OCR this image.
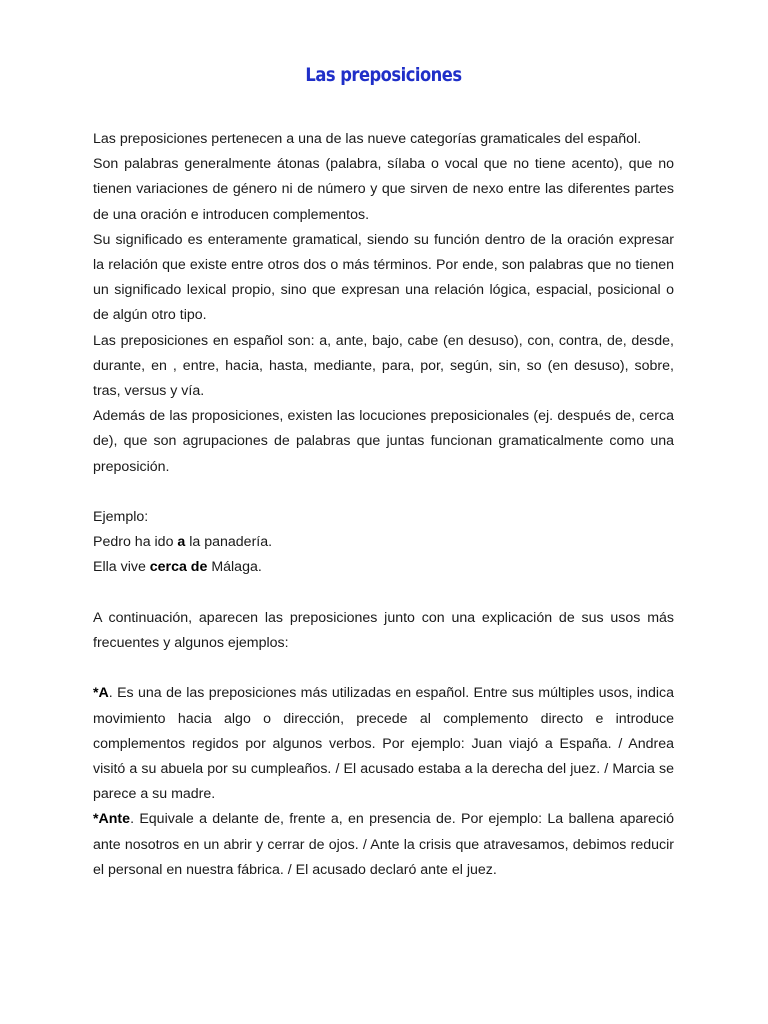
Las preposiciones

Las preposiciones pertenecen a una de las nueve categorías gramaticales del español.

Son palabras generalmente átonas (palabra, sílaba o vocal que no tiene acento), que no tienen variaciones de género ni de número y que sirven de nexo entre las diferentes partes de una oración e introducen complementos.

Su significado es enteramente gramatical, siendo su función dentro de la oración expresar la relación que existe entre otros dos o más términos. Por ende, son palabras que no tienen un significado lexical propio, sino que expresan una relación lógica, espacial, posicional o de algún otro tipo.

Las preposiciones en español son: a, ante, bajo, cabe (en desuso), con, contra, de, desde, durante, en , entre, hacia, hasta, mediante, para, por, según, sin, so (en desuso), sobre, tras, versus y vía.

Además de las proposiciones, existen las locuciones preposicionales (ej. después de, cerca de), que son agrupaciones de palabras que juntas funcionan gramaticalmente como una preposición.

Ejemplo:

Pedro ha ido a la panadería.

Ella vive cerca de Málaga.

A continuación, aparecen las preposiciones junto con una explicación de sus usos más frecuentes y algunos ejemplos:

*A. Es una de las preposiciones más utilizadas en español. Entre sus múltiples usos, indica movimiento hacia algo o dirección, precede al complemento directo e introduce complementos regidos por algunos verbos. Por ejemplo: Juan viajó a España. / Andrea visitó a su abuela por su cumpleaños. / El acusado estaba a la derecha del juez. / Marcia se parece a su madre.

*Ante. Equivale a delante de, frente a, en presencia de. Por ejemplo: La ballena apareció ante nosotros en un abrir y cerrar de ojos. / Ante la crisis que atravesamos, debimos reducir el personal en nuestra fábrica. / El acusado declaró ante el juez.
